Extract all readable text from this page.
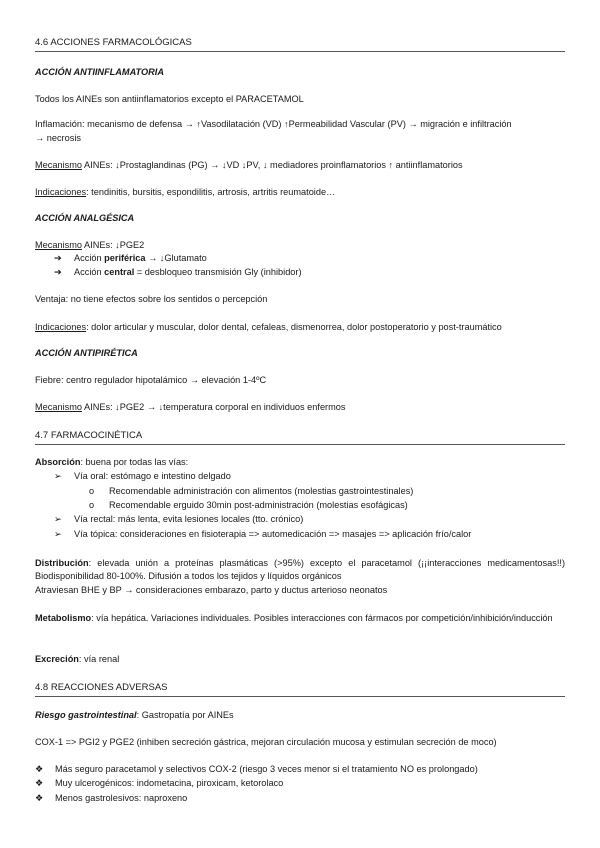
4.6 ACCIONES FARMACOLÓGICAS
ACCIÓN ANTIINFLAMATORIA
Todos los AINEs son antiinflamatorios excepto el PARACETAMOL
Inflamación: mecanismo de defensa → ↑Vasodilatación (VD) ↑Permeabilidad Vascular (PV) → migración e infiltración
→ necrosis
Mecanismo AINEs: ↓Prostaglandinas (PG) → ↓VD ↓PV, ↓ mediadores proinflamatorios ↑ antiinflamatorios
Indicaciones: tendinitis, bursitis, espondilitis, artrosis, artritis reumatoide…
ACCIÓN ANALGÉSICA
Mecanismo AINEs: ↓PGE2
➔ Acción periférica → ↓Glutamato
➔ Acción central = desbloqueo transmisión Gly (inhibidor)
Ventaja: no tiene efectos sobre los sentidos o percepción
Indicaciones: dolor articular y muscular, dolor dental, cefaleas, dismenorrea, dolor postoperatorio y post-traumático
ACCIÓN ANTIPIRÉTICA
Fiebre: centro regulador hipotalámico → elevación 1-4ºC
Mecanismo AINEs: ↓PGE2 → ↓temperatura corporal en individuos enfermos
4.7 FARMACOCINÉTICA
Absorción: buena por todas las vías:
➢ Vía oral: estómago e intestino delgado
o Recomendable administración con alimentos (molestias gastrointestinales)
o Recomendable erguido 30min post-administración (molestias esofágicas)
➢ Vía rectal: más lenta, evita lesiones locales (tto. crónico)
➢ Vía tópica: consideraciones en fisioterapia => automedicación => masajes => aplicación frío/calor
Distribución: elevada unión a proteínas plasmáticas (>95%) excepto el paracetamol (¡¡interacciones medicamentosas!!) Biodisponibilidad 80-100%. Difusión a todos los tejidos y líquidos orgánicos
Atraviesan BHE y BP → consideraciones embarazo, parto y ductus arterioso neonatos
Metabolismo: vía hepática. Variaciones individuales. Posibles interacciones con fármacos por competición/inhibición/inducción
Excreción: vía renal
4.8 REACCIONES ADVERSAS
Riesgo gastrointestinal: Gastropatía por AINEs
COX-1 => PGI2 y PGE2 (inhiben secreción gástrica, mejoran circulación mucosa y estimulan secreción de moco)
❖ Más seguro paracetamol y selectivos COX-2 (riesgo 3 veces menor si el tratamiento NO es prolongado)
❖ Muy ulcerogénicos: indometacina, piroxicam, ketorolaco
❖ Menos gastrolesivos: naproxeno
